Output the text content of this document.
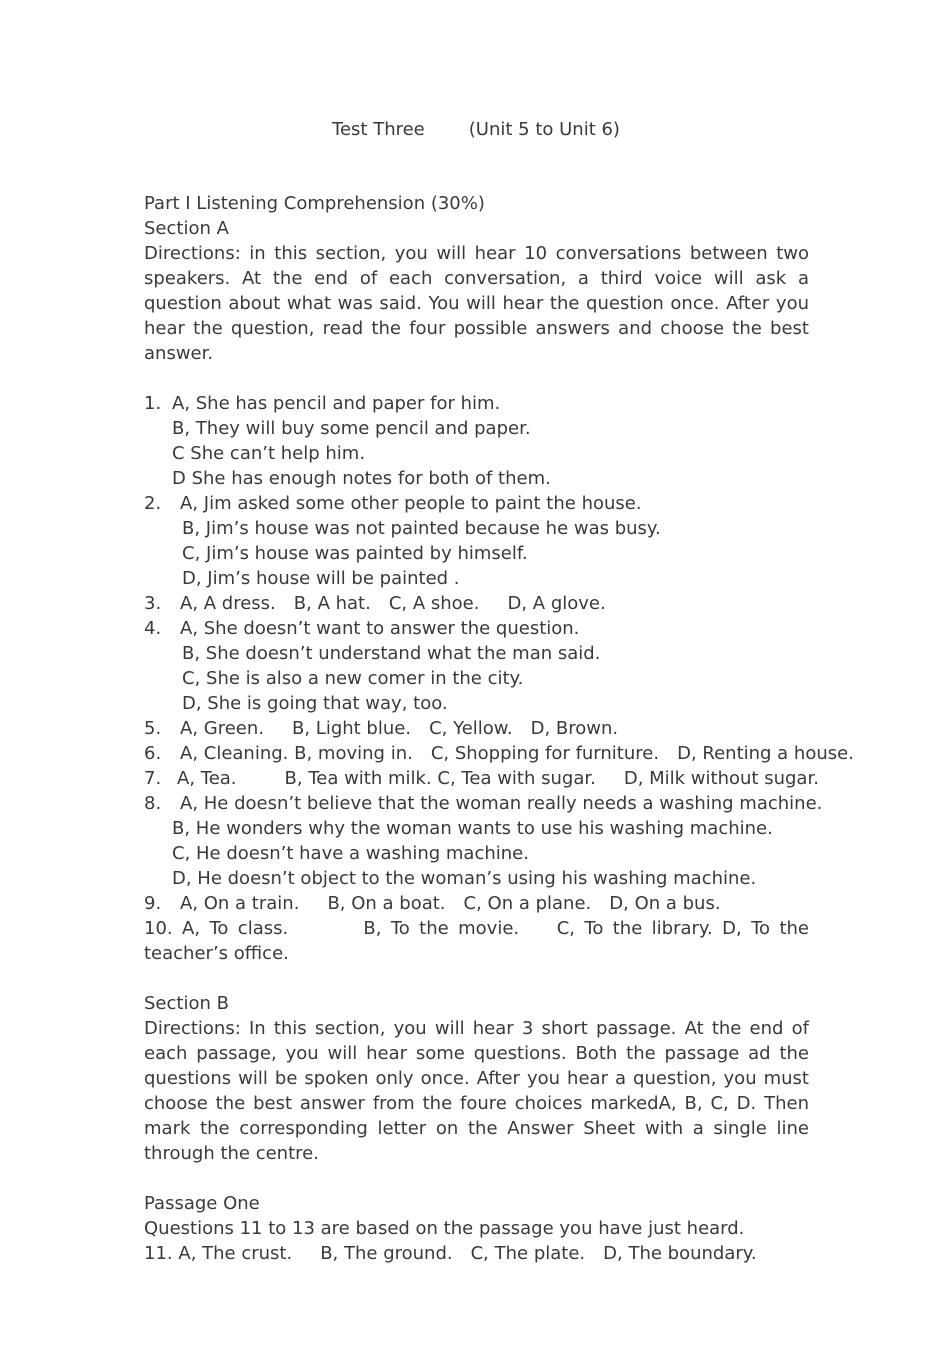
Test Three (Unit 5 to Unit 6)
Part I Listening Comprehension (30%)
Section A
Directions: in this section, you will hear 10 conversations between two speakers. At the end of each conversation, a third voice will ask a question about what was said. You will hear the question once. After you hear the question, read the four possible answers and choose the best answer.
1. A, She has pencil and paper for him.
B, They will buy some pencil and paper.
C She can’t help him.
D She has enough notes for both of them.
2. A, Jim asked some other people to paint the house.
B, Jim’s house was not painted because he was busy.
C, Jim’s house was painted by himself.
D, Jim’s house will be painted .
3. A, A dress. B, A hat. C, A shoe. D, A glove.
4. A, She doesn’t want to answer the question.
B, She doesn’t understand what the man said.
C, She is also a new comer in the city.
D, She is going that way, too.
5. A, Green. B, Light blue. C, Yellow. D, Brown.
6. A, Cleaning. B, moving in. C, Shopping for furniture. D, Renting a house.
7. A, Tea.	B, Tea with milk. C, Tea with sugar. D, Milk without sugar.
8. A, He doesn’t believe that the woman really needs a washing machine.
B, He wonders why the woman wants to use his washing machine.
C, He doesn’t have a washing machine.
D, He doesn’t object to the woman’s using his washing machine.
9. A, On a train. B, On a boat. C, On a plane. D, On a bus.
10. A, To class.        B, To the movie.    C, To the library. D, To the teacher’s office.
Section B
Directions: In this section, you will hear 3 short passage. At the end of each passage, you will hear some questions. Both the passage ad the questions will be spoken only once. After you hear a question, you must choose the best answer from the foure choices markedA, B, C, D. Then mark the corresponding letter on the Answer Sheet with a single line through the centre.
Passage One
Questions 11 to 13 are based on the passage you have just heard.
11. A, The crust. B, The ground. C, The plate. D, The boundary.
